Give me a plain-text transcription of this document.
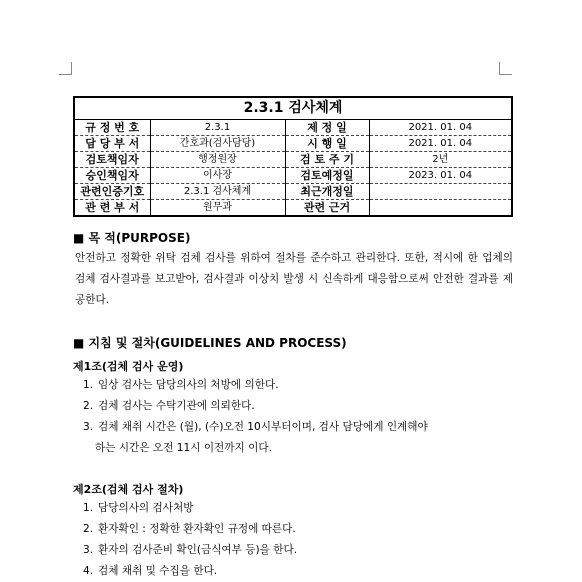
2.3.1 검사체계			
규 정 번 호	2.3.1	제 정 일	2021. 01. 04
담 당 부 서	간호과(검사담당)	시 행 일	2021. 01. 04
검토책임자	행정원장	검 토 주 기	2년
승인책임자	이사장	검토예정일	2023. 01. 04
관련인증기호	2.3.1 검사체계	최근개정일	
관 련 부 서	원무과	관련 근거	
■ 목 적(PURPOSE)
안전하고 정확한 위탁 검체 검사를 위하여 절차를 준수하고 관리한다. 또한, 적시에 한 업체의 검체 검사결과를 보고받아, 검사결과 이상치 발생 시 신속하게 대응함으로써 안전한 결과를 제공한다.
■ 지침 및 절차(GUIDELINES AND PROCESS)
제1조(검체 검사 운영)
1. 임상 검사는 담당의사의 처방에 의한다.
2. 검체 검사는 수탁기관에 의뢰한다.
3. 검체 채취 시간은 (월), (수)오전 10시부터이며, 검사 담당에게 인계해야
하는 시간은 오전 11시 이전까지 이다.
제2조(검체 검사 절차)
1. 담당의사의 검사처방
2. 환자확인 : 정확한 환자확인 규정에 따른다.
3. 환자의 검사준비 확인(금식여부 등)을 한다.
4. 검체 채취 및 수집을 한다.
